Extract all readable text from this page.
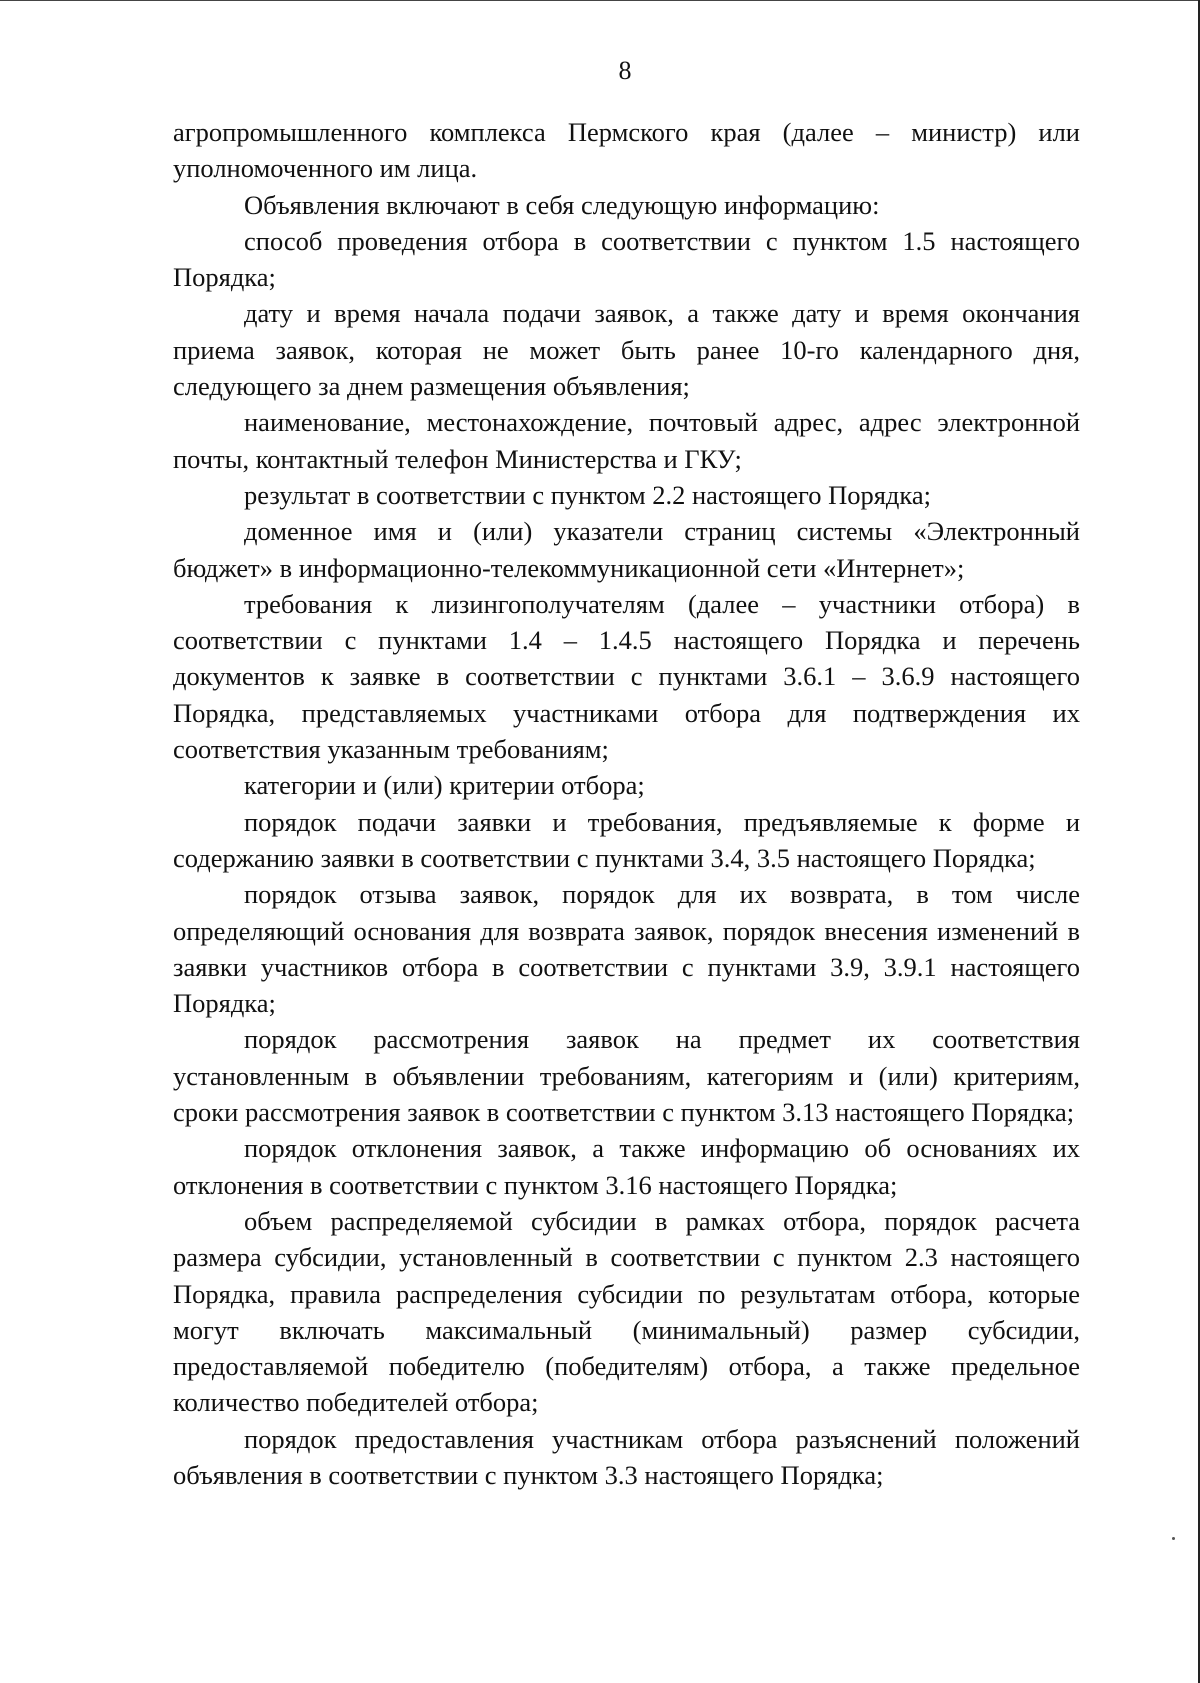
8

агропромышленного комплекса Пермского края (далее – министр) или уполномоченного им лица.

Объявления включают в себя следующую информацию:

способ проведения отбора в соответствии с пунктом 1.5 настоящего Порядка;

дату и время начала подачи заявок, а также дату и время окончания приема заявок, которая не может быть ранее 10-го календарного дня, следующего за днем размещения объявления;

наименование, местонахождение, почтовый адрес, адрес электронной почты, контактный телефон Министерства и ГКУ;

результат в соответствии с пунктом 2.2 настоящего Порядка;

доменное имя и (или) указатели страниц системы «Электронный бюджет» в информационно-телекоммуникационной сети «Интернет»;

требования к лизингополучателям (далее – участники отбора) в соответствии с пунктами 1.4 – 1.4.5 настоящего Порядка и перечень документов к заявке в соответствии с пунктами 3.6.1 – 3.6.9 настоящего Порядка, представляемых участниками отбора для подтверждения их соответствия указанным требованиям;

категории и (или) критерии отбора;

порядок подачи заявки и требования, предъявляемые к форме и содержанию заявки в соответствии с пунктами 3.4, 3.5 настоящего Порядка;

порядок отзыва заявок, порядок для их возврата, в том числе определяющий основания для возврата заявок, порядок внесения изменений в заявки участников отбора в соответствии с пунктами 3.9, 3.9.1 настоящего Порядка;

порядок рассмотрения заявок на предмет их соответствия установленным в объявлении требованиям, категориям и (или) критериям, сроки рассмотрения заявок в соответствии с пунктом 3.13 настоящего Порядка;

порядок отклонения заявок, а также информацию об основаниях их отклонения в соответствии с пунктом 3.16 настоящего Порядка;

объем распределяемой субсидии в рамках отбора, порядок расчета размера субсидии, установленный в соответствии с пунктом 2.3 настоящего Порядка, правила распределения субсидии по результатам отбора, которые могут включать максимальный (минимальный) размер субсидии, предоставляемой победителю (победителям) отбора, а также предельное количество победителей отбора;

порядок предоставления участникам отбора разъяснений положений объявления в соответствии с пунктом 3.3 настоящего Порядка;
